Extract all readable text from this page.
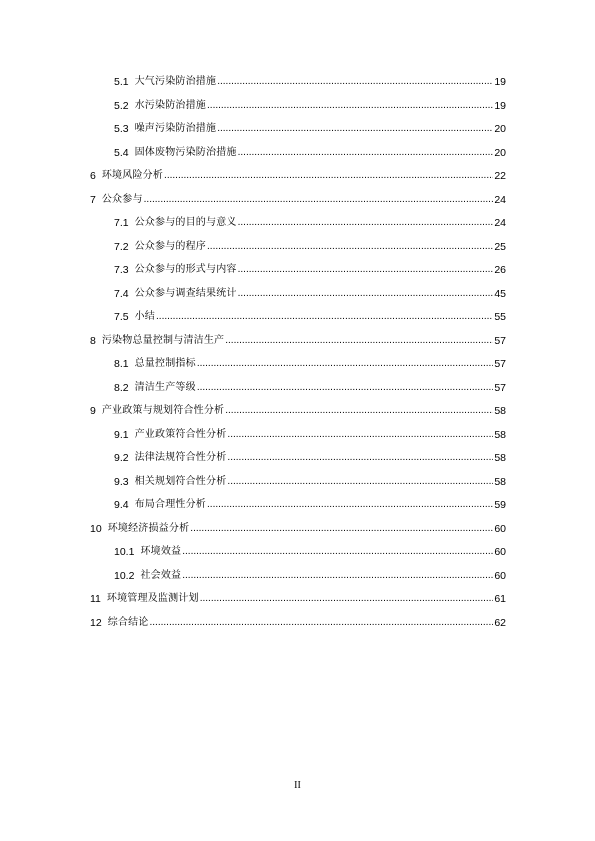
5.1 大气污染防治措施 .....	19
5.2 水污染防治措施 .....	19
5.3 噪声污染防治措施 .....	20
5.4 固体废物污染防治措施 .....	20
6 环境风险分析 .....	22
7 公众参与 .....	24
7.1 公众参与的目的与意义 .....	24
7.2 公众参与的程序 .....	25
7.3 公众参与的形式与内容 .....	26
7.4 公众参与调查结果统计 .....	45
7.5 小结 .....	55
8 污染物总量控制与清洁生产 .....	57
8.1 总量控制指标 .....	57
8.2 清洁生产等级 .....	57
9 产业政策与规划符合性分析 .....	58
9.1 产业政策符合性分析 .....	58
9.2 法律法规符合性分析 .....	58
9.3 相关规划符合性分析 .....	58
9.4 布局合理性分析 .....	59
10 环境经济损益分析 .....	60
10.1 环境效益 .....	60
10.2 社会效益 .....	60
11 环境管理及监测计划 .....	61
12 综合结论 .....	62
II
